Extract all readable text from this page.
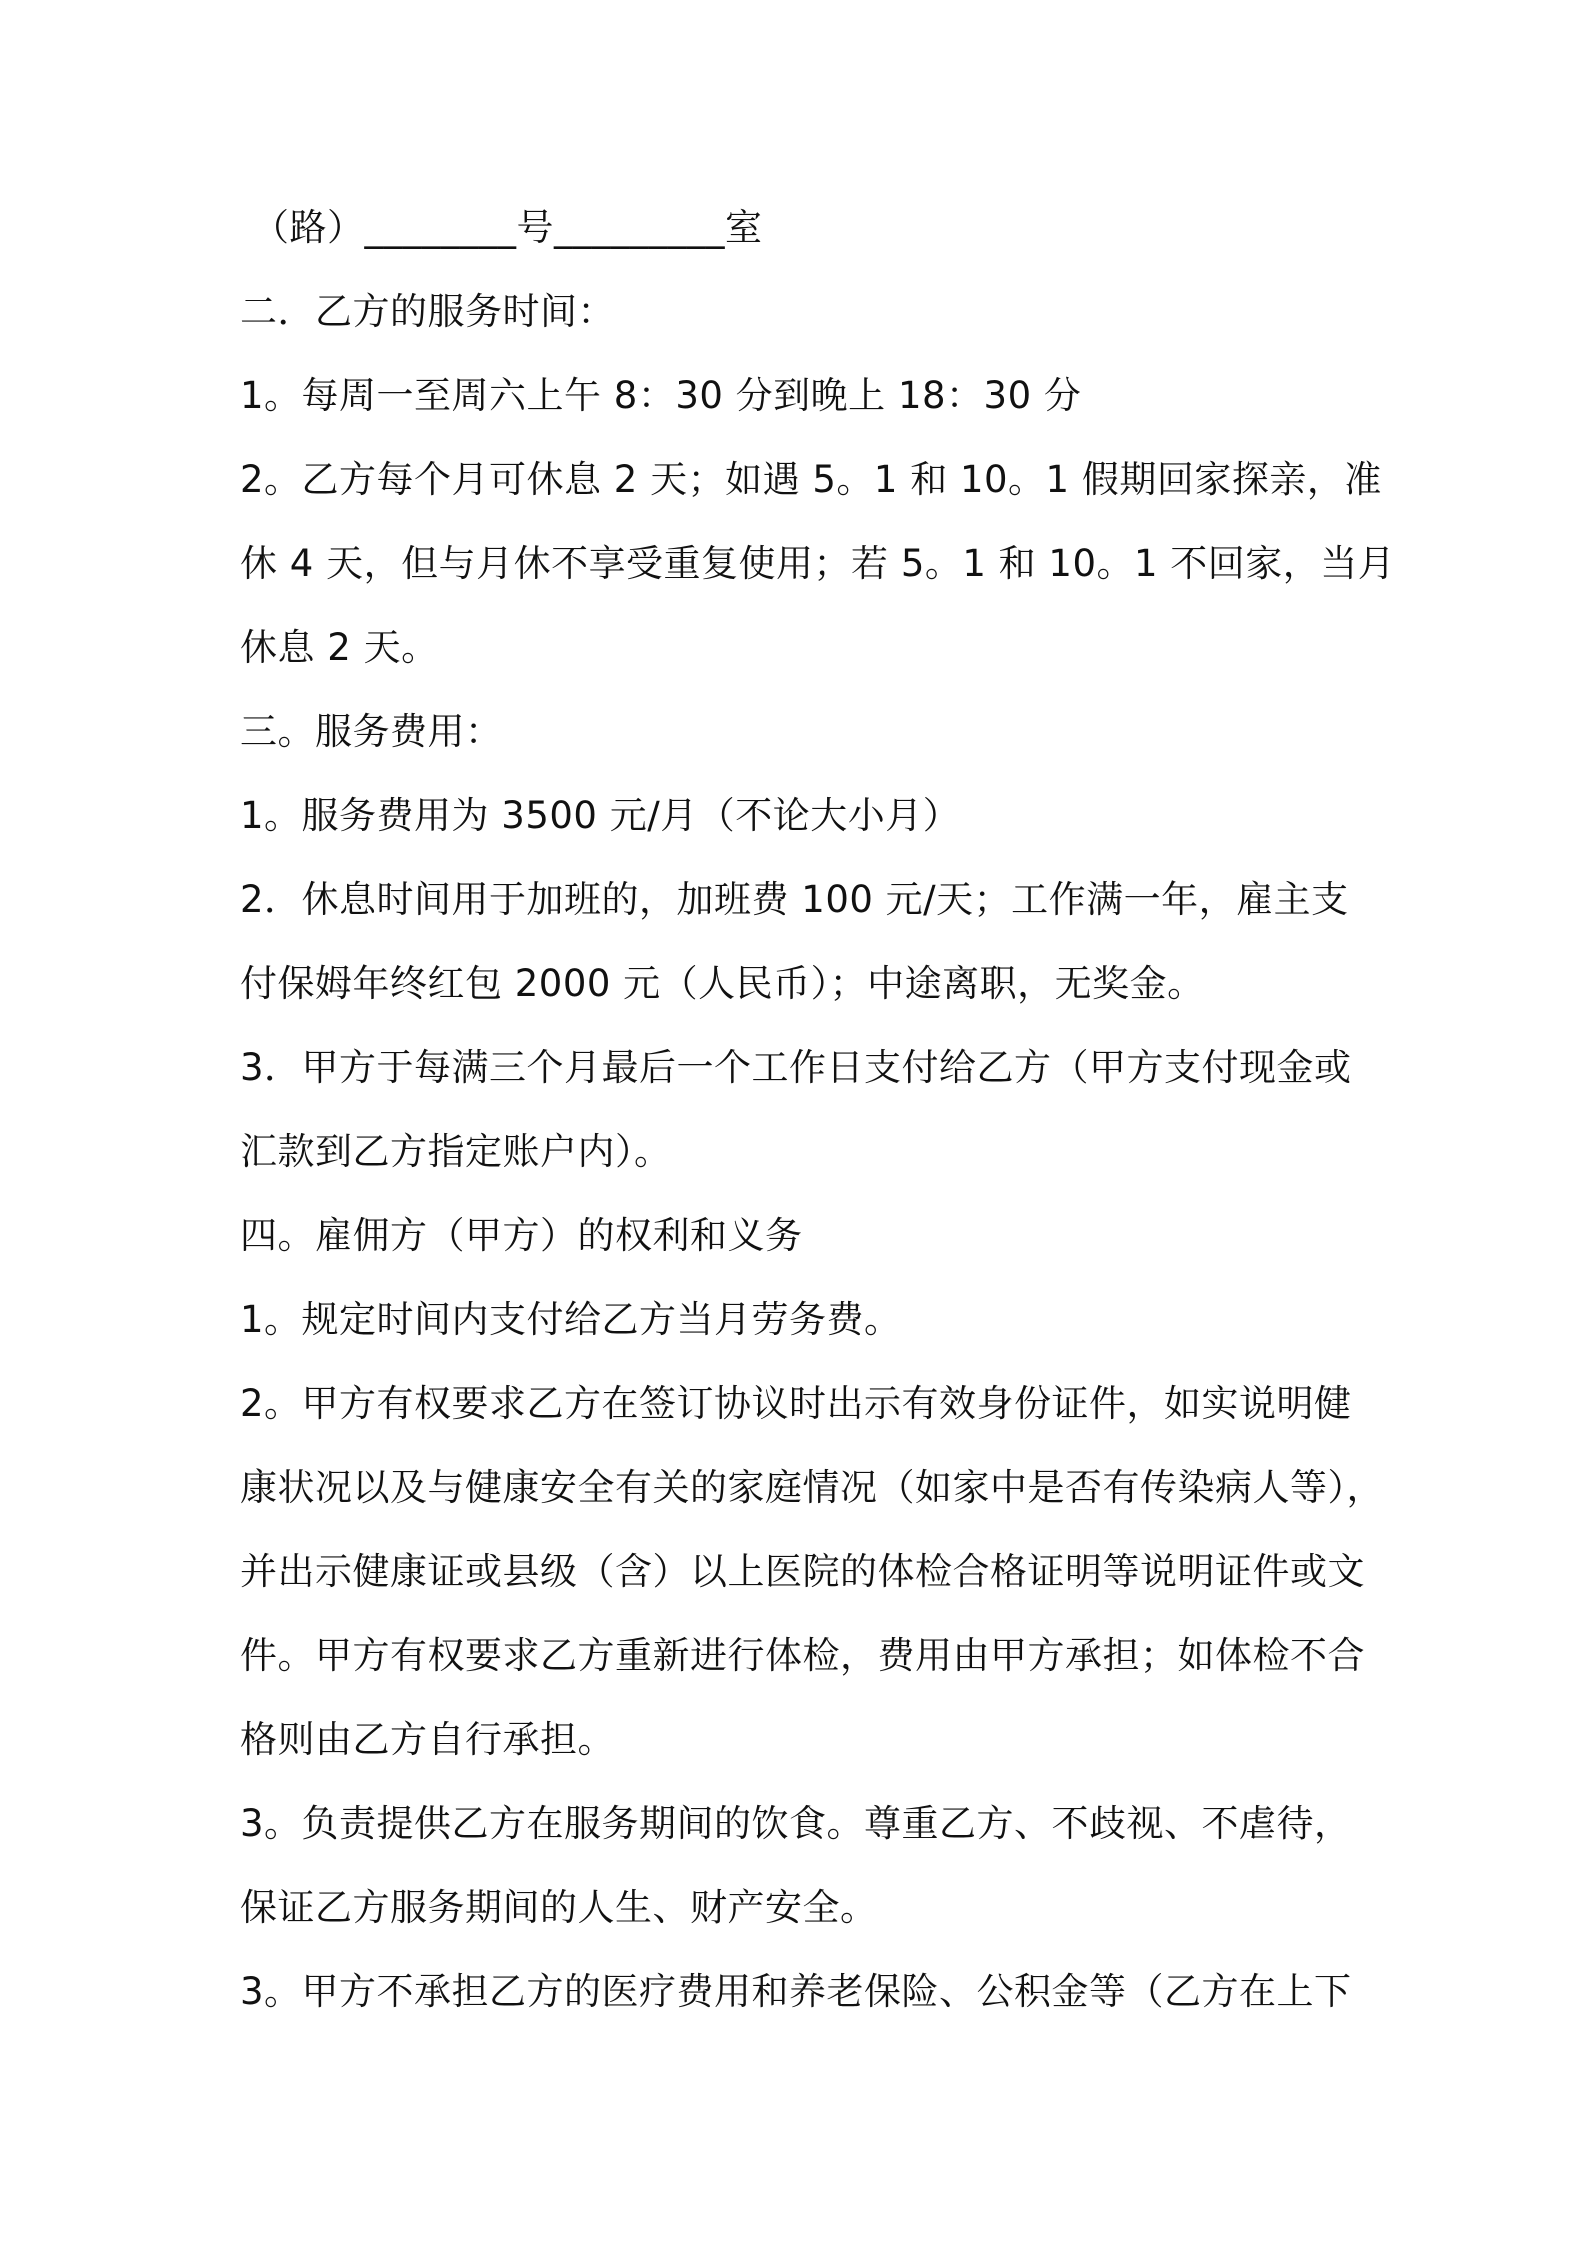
（路）________号_________室
二．乙方的服务时间：
1。每周一至周六上午 8：30 分到晚上 18：30 分
2。乙方每个月可休息 2 天；如遇 5。1 和 10。1 假期回家探亲，准
休 4 天，但与月休不享受重复使用；若 5。1 和 10。1 不回家，当月
休息 2 天。
三。服务费用：
1。服务费用为 3500 元/月（不论大小月）
2．休息时间用于加班的，加班费 100 元/天；工作满一年，雇主支
付保姆年终红包 2000 元（人民币）；中途离职，无奖金。
3．甲方于每满三个月最后一个工作日支付给乙方（甲方支付现金或
汇款到乙方指定账户内）。
四。雇佣方（甲方）的权利和义务
1。规定时间内支付给乙方当月劳务费。
2。甲方有权要求乙方在签订协议时出示有效身份证件，如实说明健
康状况以及与健康安全有关的家庭情况（如家中是否有传染病人等），
并出示健康证或县级（含）以上医院的体检合格证明等说明证件或文
件。甲方有权要求乙方重新进行体检，费用由甲方承担；如体检不合
格则由乙方自行承担。
3。负责提供乙方在服务期间的饮食。尊重乙方、不歧视、不虐待，
保证乙方服务期间的人生、财产安全。
3。甲方不承担乙方的医疗费用和养老保险、公积金等（乙方在上下
